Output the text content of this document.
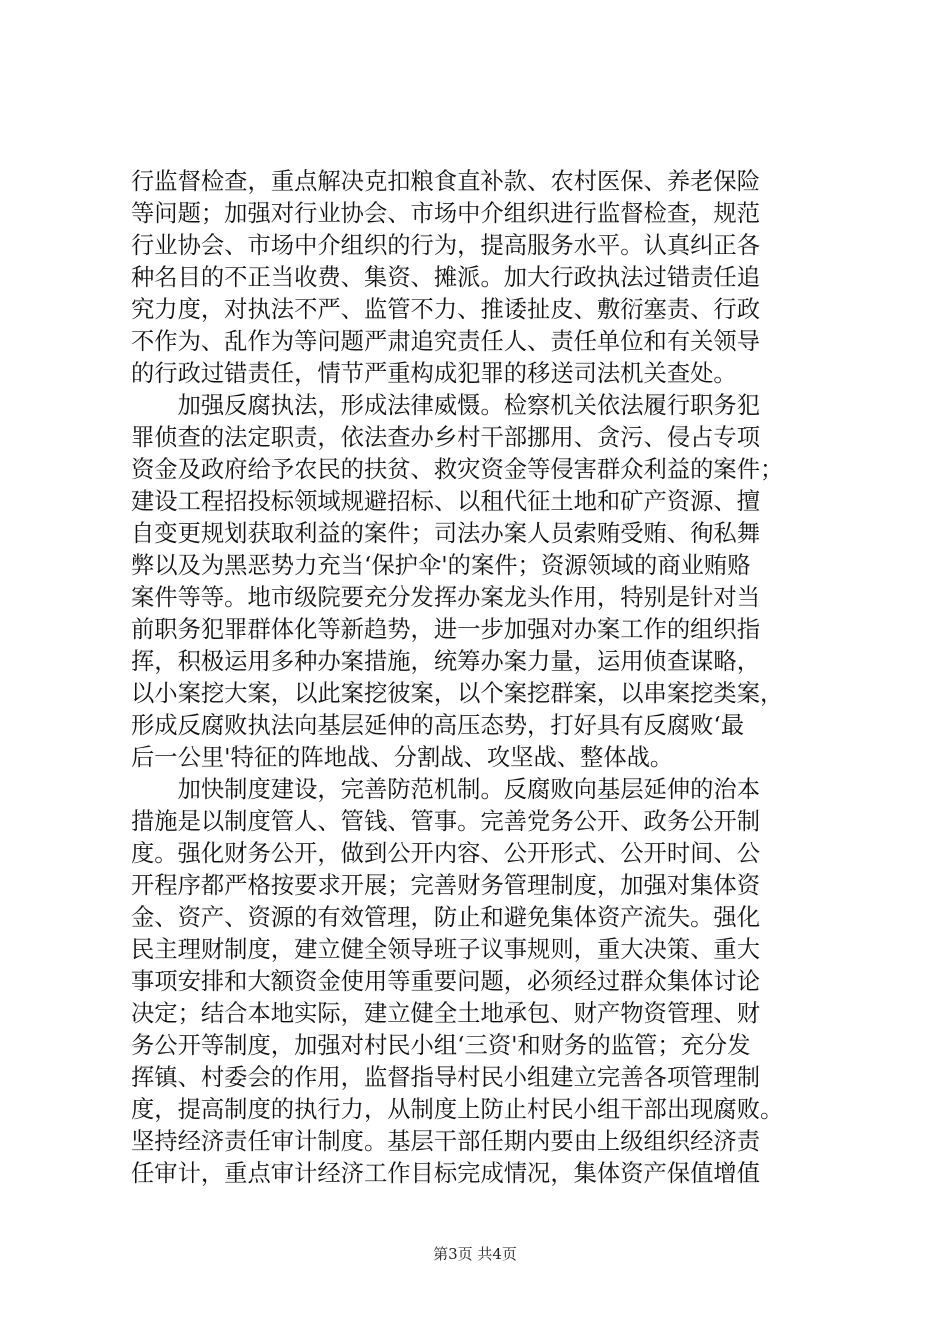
行监督检查，重点解决克扣粮食直补款、农村医保、养老保险
等问题；加强对行业协会、市场中介组织进行监督检查，规范
行业协会、市场中介组织的行为，提高服务水平。认真纠正各
种名目的不正当收费、集资、摊派。加大行政执法过错责任追
究力度，对执法不严、监管不力、推诿扯皮、敷衍塞责、行政
不作为、乱作为等问题严肃追究责任人、责任单位和有关领导
的行政过错责任，情节严重构成犯罪的移送司法机关查处。
　　加强反腐执法，形成法律威慑。检察机关依法履行职务犯
罪侦查的法定职责，依法查办乡村干部挪用、贪污、侵占专项
资金及政府给予农民的扶贫、救灾资金等侵害群众利益的案件；
建设工程招投标领域规避招标、以租代征土地和矿产资源、擅
自变更规划获取利益的案件；司法办案人员索贿受贿、徇私舞
弊以及为黑恶势力充当‘保护伞'的案件；资源领域的商业贿赂
案件等等。地市级院要充分发挥办案龙头作用，特别是针对当
前职务犯罪群体化等新趋势，进一步加强对办案工作的组织指
挥，积极运用多种办案措施，统筹办案力量，运用侦查谋略，
以小案挖大案，以此案挖彼案，以个案挖群案，以串案挖类案，
形成反腐败执法向基层延伸的高压态势，打好具有反腐败‘最
后一公里'特征的阵地战、分割战、攻坚战、整体战。
　　加快制度建设，完善防范机制。反腐败向基层延伸的治本
措施是以制度管人、管钱、管事。完善党务公开、政务公开制
度。强化财务公开，做到公开内容、公开形式、公开时间、公
开程序都严格按要求开展；完善财务管理制度，加强对集体资
金、资产、资源的有效管理，防止和避免集体资产流失。强化
民主理财制度，建立健全领导班子议事规则，重大决策、重大
事项安排和大额资金使用等重要问题，必须经过群众集体讨论
决定；结合本地实际，建立健全土地承包、财产物资管理、财
务公开等制度，加强对村民小组‘三资'和财务的监管；充分发
挥镇、村委会的作用，监督指导村民小组建立完善各项管理制
度，提高制度的执行力，从制度上防止村民小组干部出现腐败。
坚持经济责任审计制度。基层干部任期内要由上级组织经济责
任审计，重点审计经济工作目标完成情况，集体资产保值增值
第3页 共4页
